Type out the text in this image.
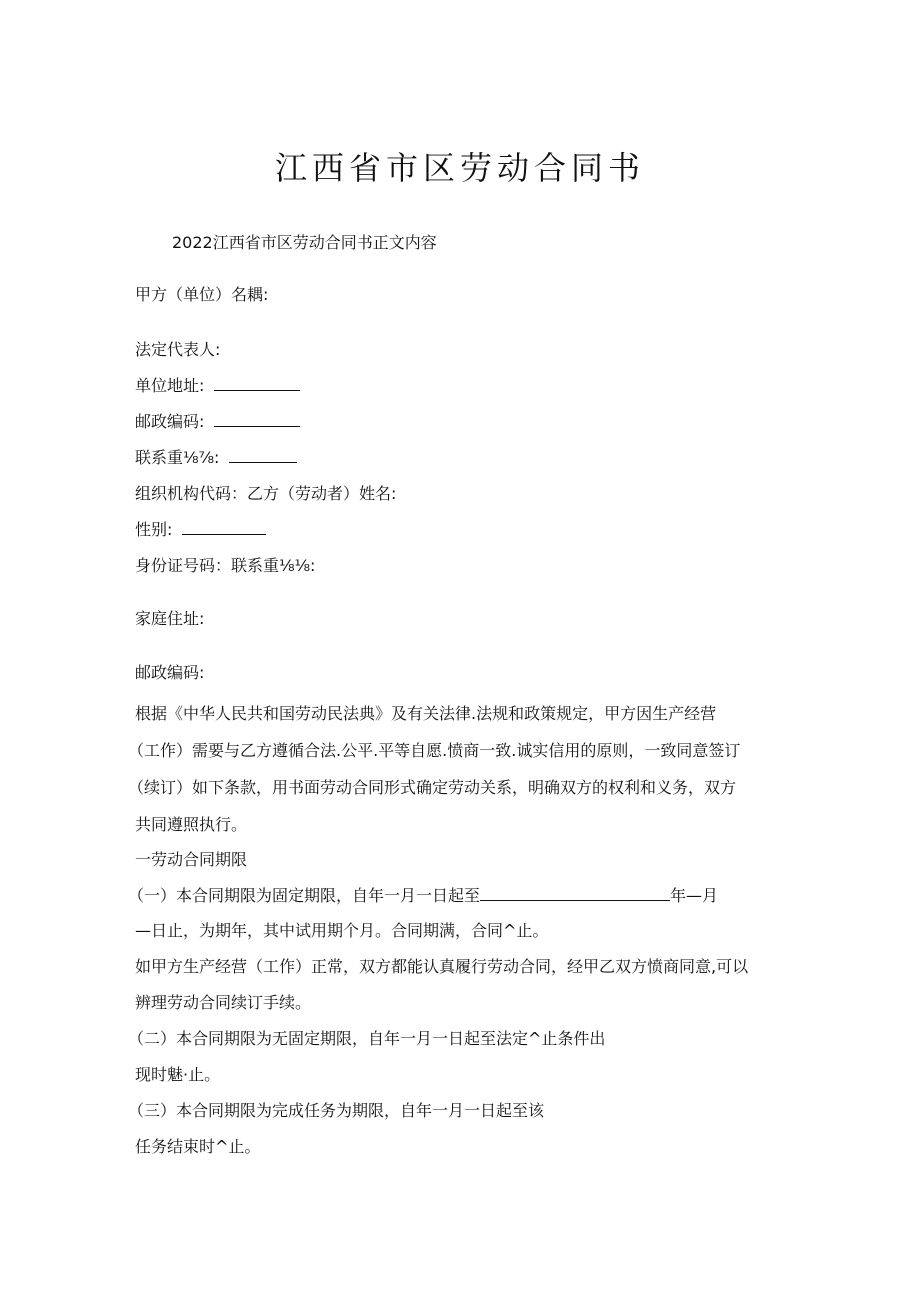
江西省市区劳动合同书
2022江西省市区劳动合同书正文内容
甲方（单位）名耦:
法定代表人:
单位地址:
邮政编码:
联系重⅛⅞:
组织机构代码：乙方（劳动者）姓名:
性别:
身份证号码：联系重⅛⅛:
家庭住址:
邮政编码:
根据《中华人民共和国劳动民法典》及有关法律.法规和政策规定，甲方因生产经营
（工作）需要与乙方遵循合法.公平.平等自愿.愤商一致.诚实信用的原则，一致同意签订
（续订）如下条款，用书面劳动合同形式确定劳动关系，明确双方的权利和义务，双方
共同遵照执行。
一劳动合同期限
（一）本合同期限为固定期限，自年一月一日起至	年—月
—日止，为期年，其中试用期个月。合同期满，合同^止。
如甲方生产经营（工作）正常，双方都能认真履行劳动合同，经甲乙双方愤商同意,可以
辨理劳动合同续订手续。
（二）本合同期限为无固定期限，自年一月一日起至法定^止条件出
现时魅·止。
（三）本合同期限为完成任务为期限，自年一月一日起至该
任务结束时^止。
